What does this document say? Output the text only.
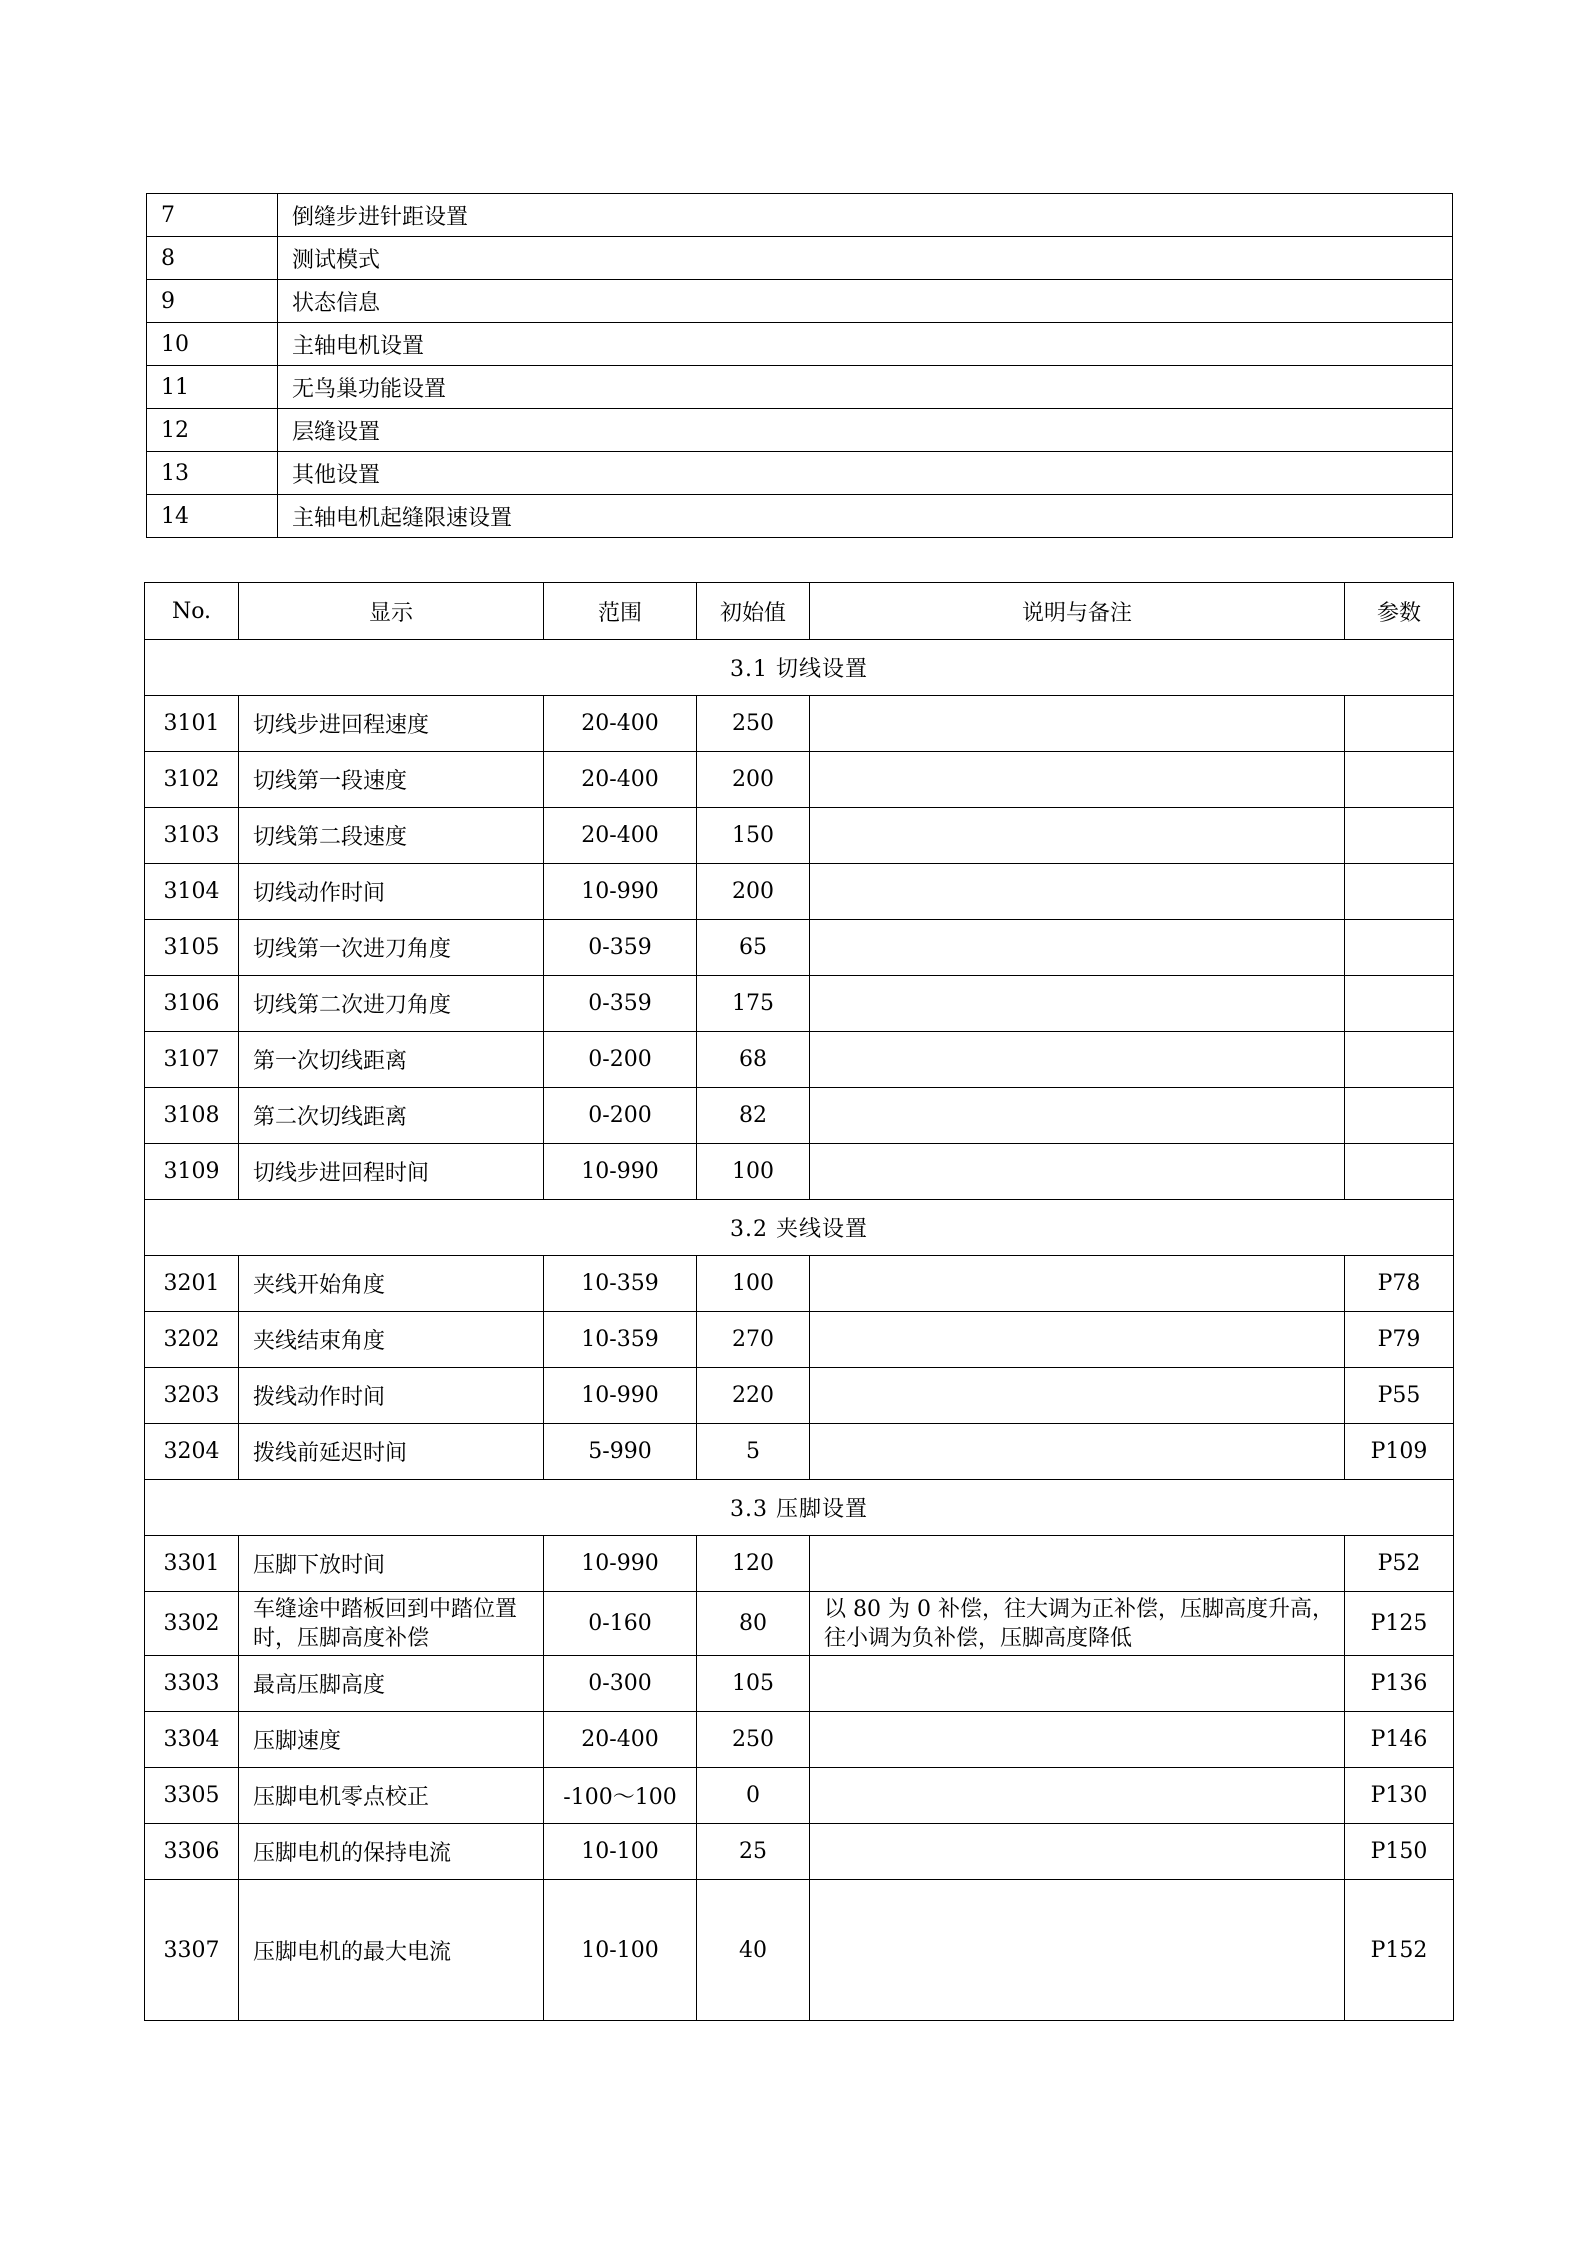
7	倒缝步进针距设置
8	测试模式
9	状态信息
10	主轴电机设置
11	无鸟巢功能设置
12	层缝设置
13	其他设置
14	主轴电机起缝限速设置
No.	显示	范围	初始值	说明与备注	参数
3.1 切线设置					
3101	切线步进回程速度	20-400	250		
3102	切线第一段速度	20-400	200		
3103	切线第二段速度	20-400	150		
3104	切线动作时间	10-990	200		
3105	切线第一次进刀角度	0-359	65		
3106	切线第二次进刀角度	0-359	175		
3107	第一次切线距离	0-200	68		
3108	第二次切线距离	0-200	82		
3109	切线步进回程时间	10-990	100		
3.2 夹线设置					
3201	夹线开始角度	10-359	100		P78
3202	夹线结束角度	10-359	270		P79
3203	拨线动作时间	10-990	220		P55
3204	拨线前延迟时间	5-990	5		P109
3.3 压脚设置					
3301	压脚下放时间	10-990	120		P52
3302	车缝途中踏板回到中踏位置时，压脚高度补偿	0-160	80	以 80 为 0 补偿，往大调为正补偿，压脚高度升高，往小调为负补偿，压脚高度降低	P125
3303	最高压脚高度	0-300	105		P136
3304	压脚速度	20-400	250		P146
3305	压脚电机零点校正	-100～100	0		P130
3306	压脚电机的保持电流	10-100	25		P150
3307	压脚电机的最大电流	10-100	40		P152
